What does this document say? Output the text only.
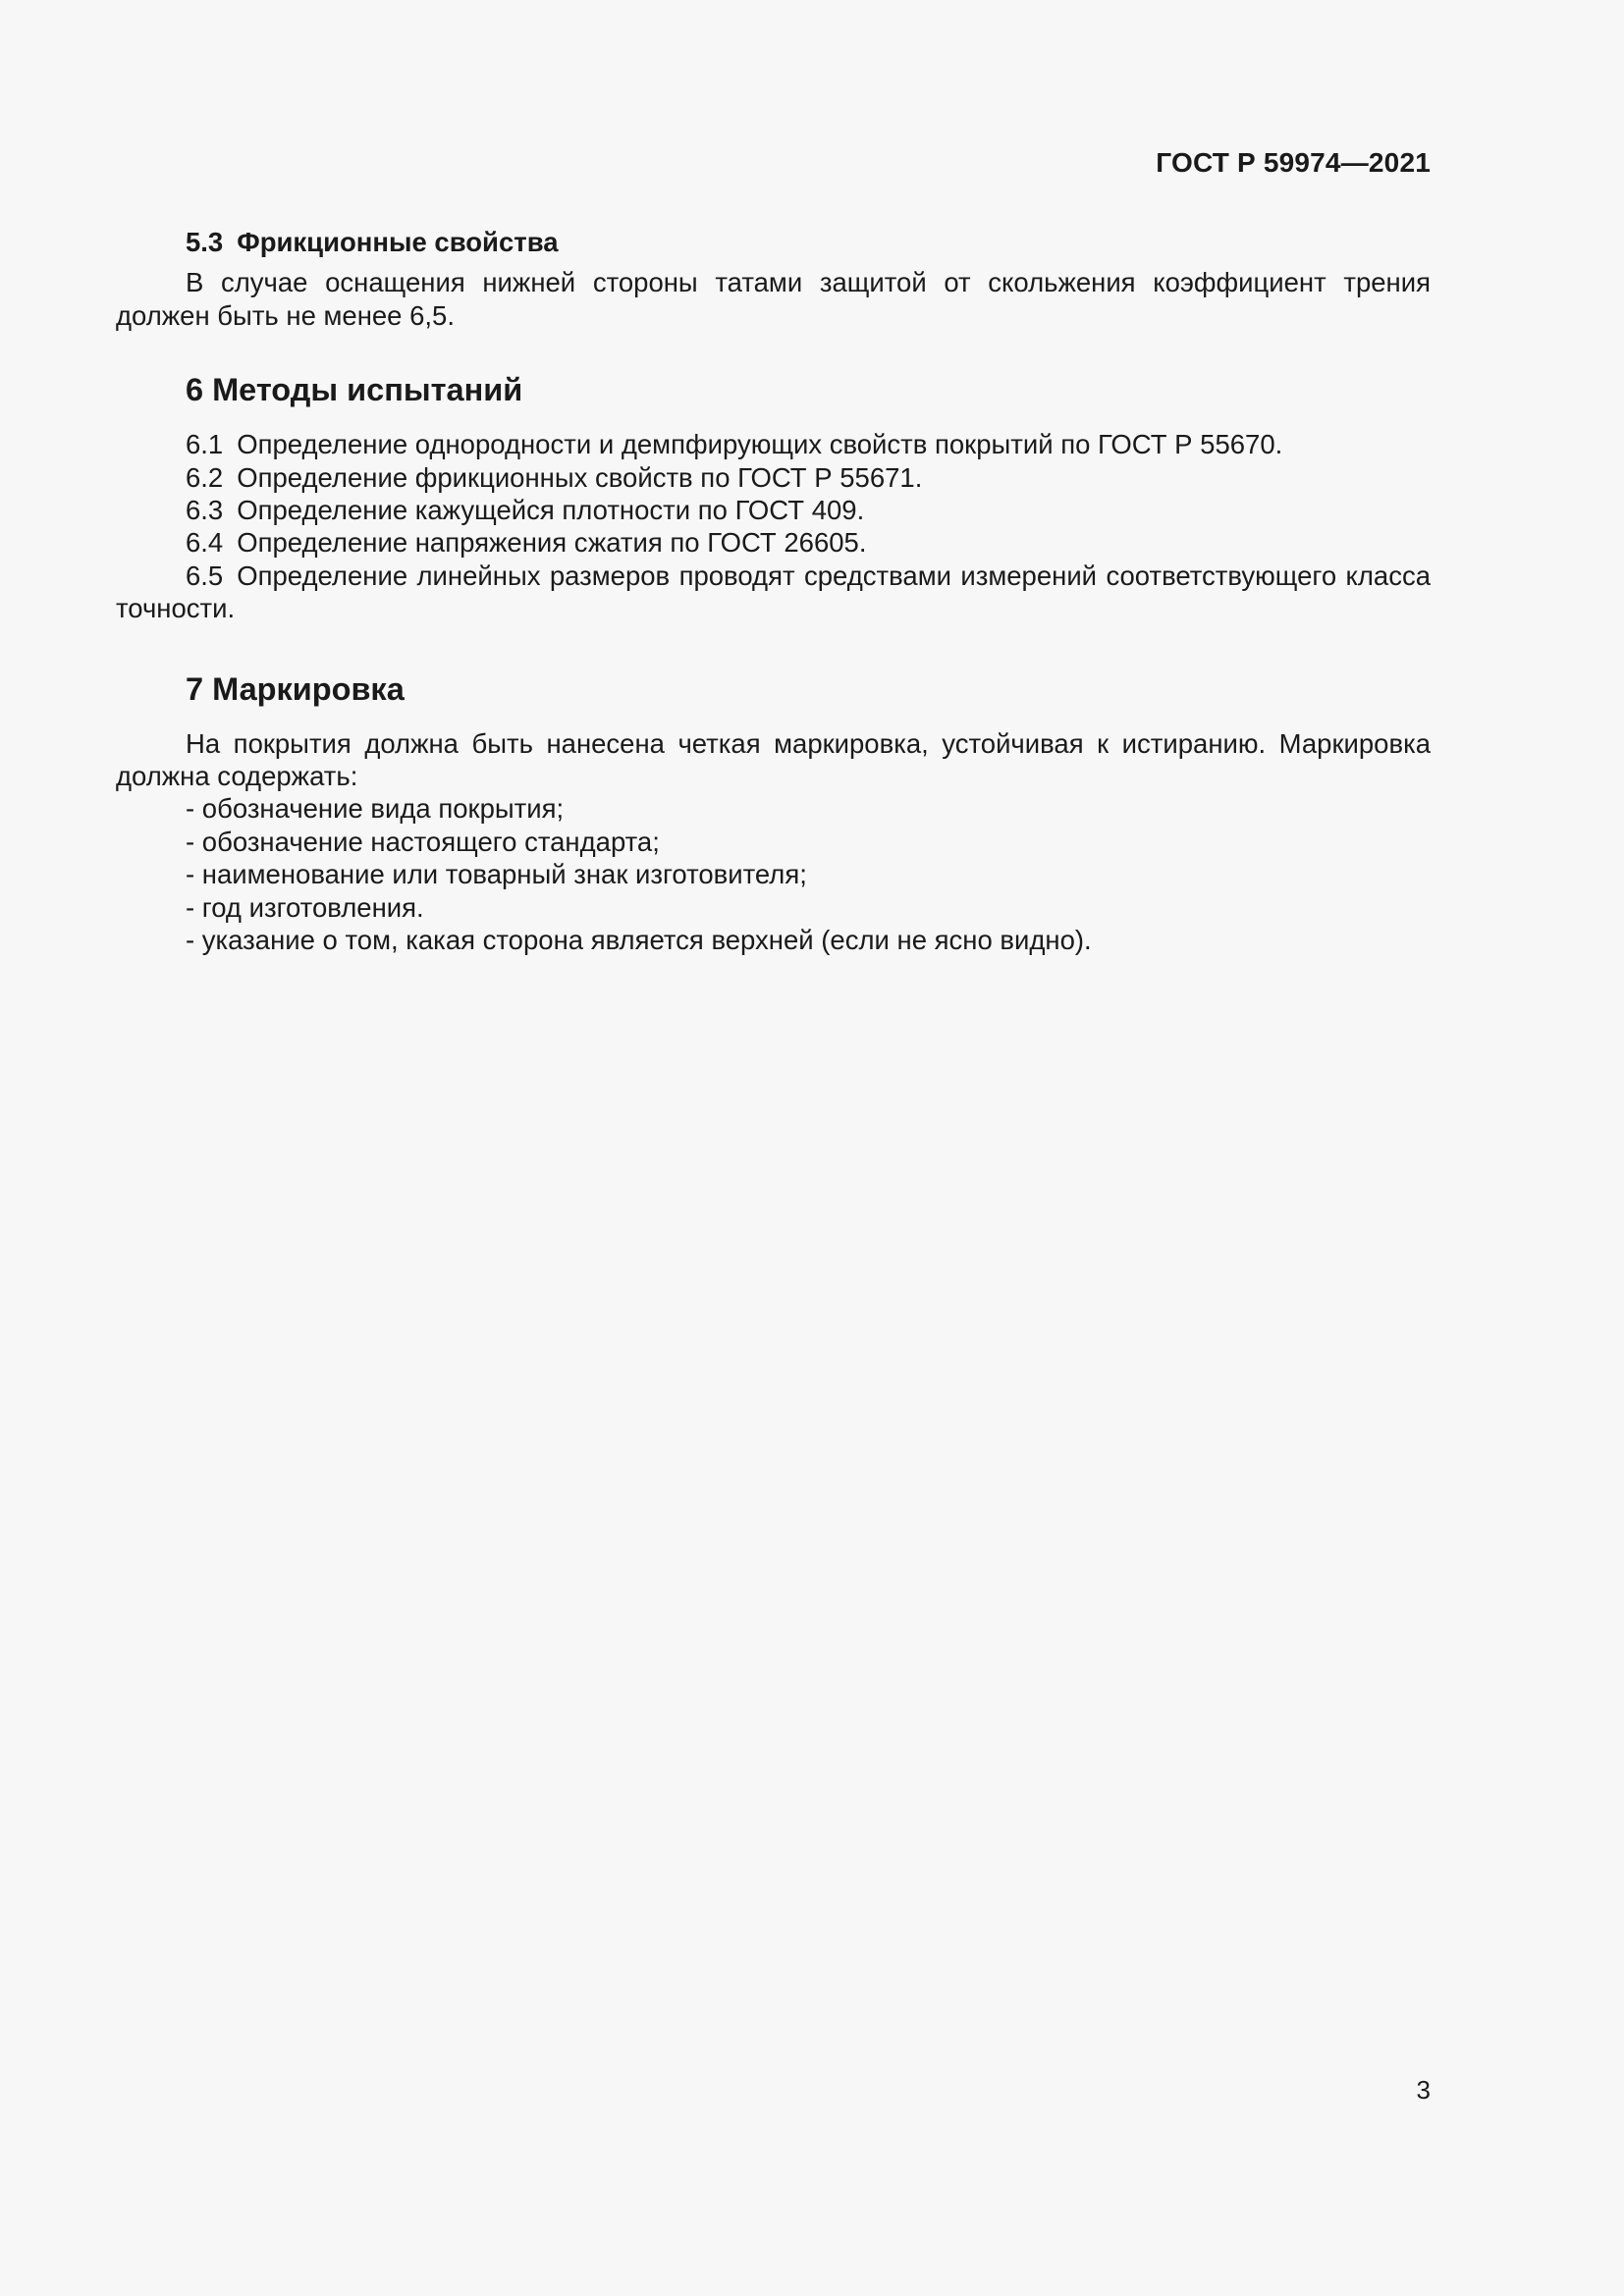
ГОСТ Р 59974—2021
5.3 Фрикционные свойства

В случае оснащения нижней стороны татами защитой от скольжения коэффициент трения должен быть не менее 6,5.

6 Методы испытаний

6.1 Определение однородности и демпфирующих свойств покрытий по ГОСТ Р 55670.

6.2 Определение фрикционных свойств по ГОСТ Р 55671.

6.3 Определение кажущейся плотности по ГОСТ 409.

6.4 Определение напряжения сжатия по ГОСТ 26605.

6.5 Определение линейных размеров проводят средствами измерений соответствующего класса точности.

7 Маркировка

На покрытия должна быть нанесена четкая маркировка, устойчивая к истиранию. Маркировка должна содержать:

- обозначение вида покрытия;

- обозначение настоящего стандарта;

- наименование или товарный знак изготовителя;

- год изготовления.

- указание о том, какая сторона является верхней (если не ясно видно).

3
